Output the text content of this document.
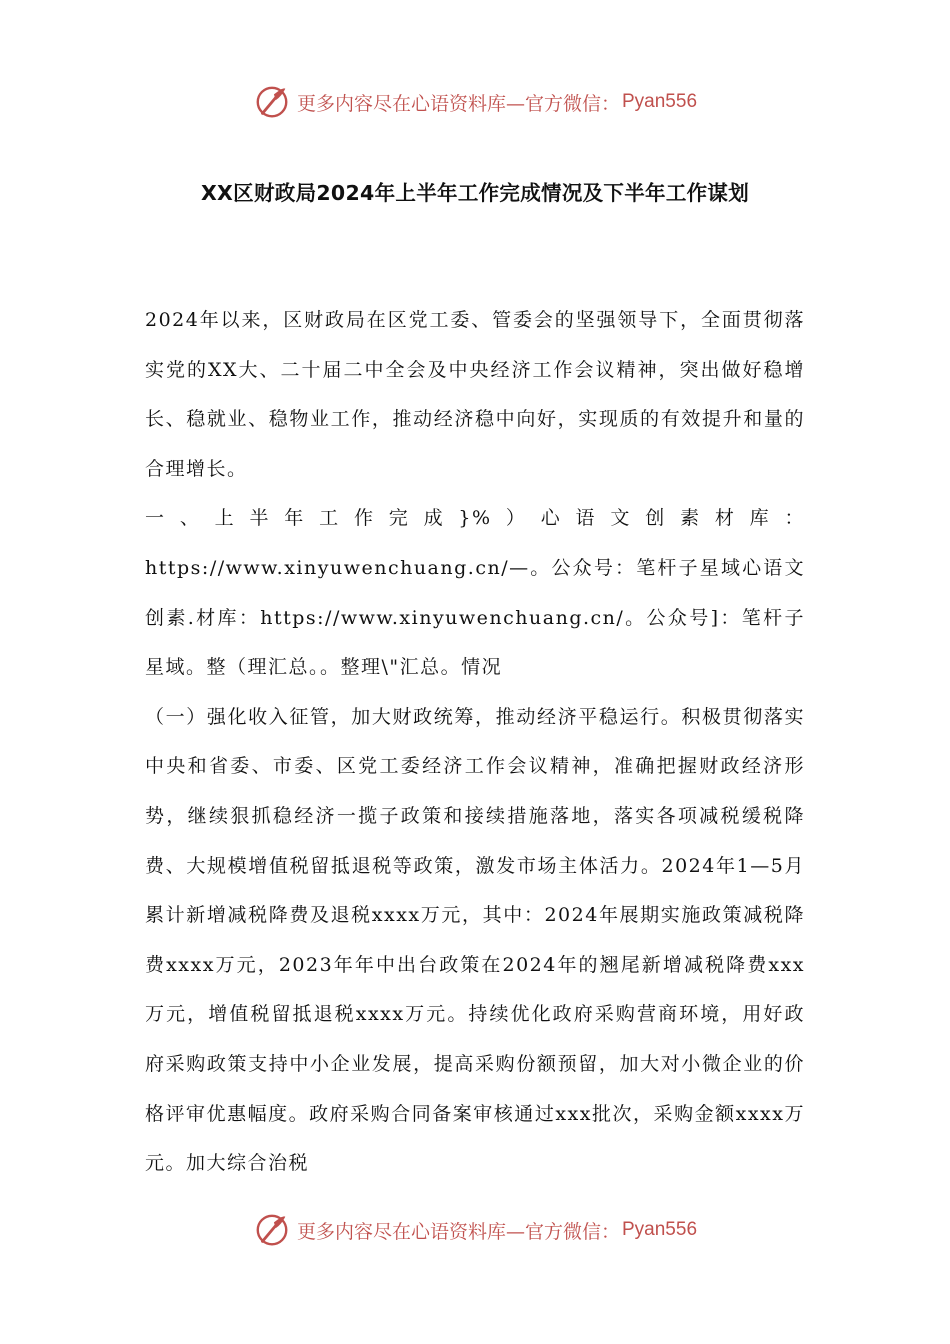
更多内容尽在心语资料库—官方微信： Pyan556
XX区财政局2024年上半年工作完成情况及下半年工作谋划

2024年以来，区财政局在区党工委、管委会的坚强领导下，全面贯彻落实党的XX大、二十届二中全会及中央经济工作会议精神，突出做好稳增长、稳就业、稳物业工作，推动经济稳中向好，实现质的有效提升和量的合理增长。

一、上半年工作完成}%）心语文创素材库：https://www.xinyuwenchuang.cn/—。公众号：笔杆子星域心语文创素.材库：https://www.xinyuwenchuang.cn/。公众号]：笔杆子星域。整（理汇总。。整理\"汇总。情况

（一）强化收入征管，加大财政统筹，推动经济平稳运行。积极贯彻落实中央和省委、市委、区党工委经济工作会议精神，准确把握财政经济形势，继续狠抓稳经济一揽子政策和接续措施落地，落实各项减税缓税降费、大规模增值税留抵退税等政策，激发市场主体活力。2024年1—5月累计新增减税降费及退税xxxx万元，其中：2024年展期实施政策减税降费xxxx万元，2023年年中出台政策在2024年的翘尾新增减税降费xxx万元，增值税留抵退税xxxx万元。持续优化政府采购营商环境，用好政府采购政策支持中小企业发展，提高采购份额预留，加大对小微企业的价格评审优惠幅度。政府采购合同备案审核通过xxx批次，采购金额xxxx万元。加大综合治税

更多内容尽在心语资料库—官方微信： Pyan556
